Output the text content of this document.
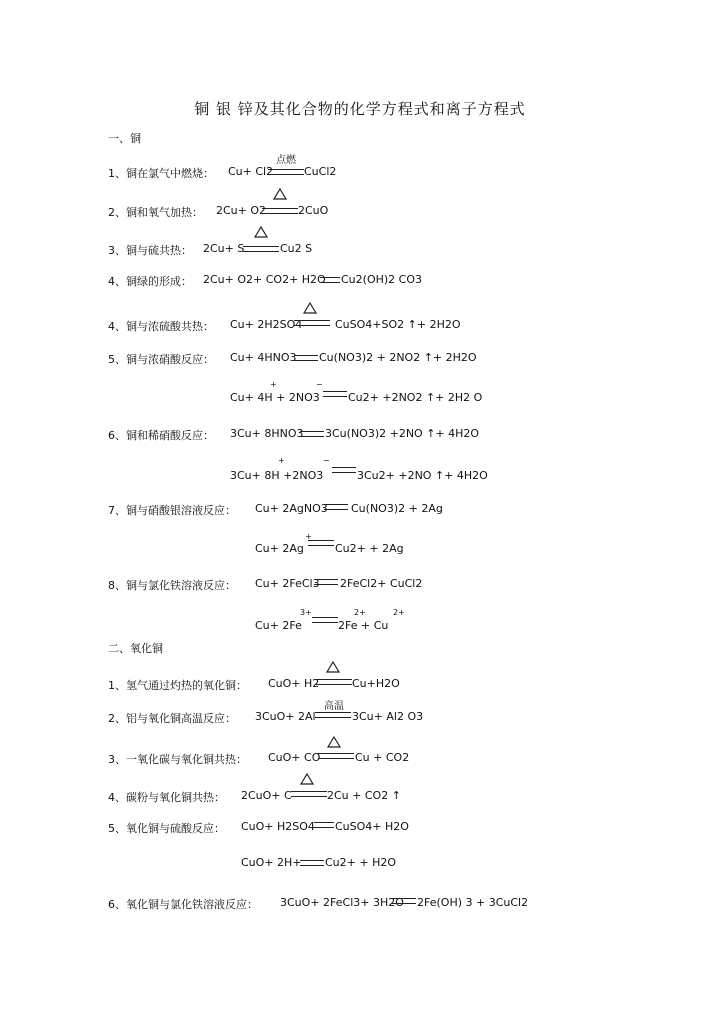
铜 银 锌及其化合物的化学方程式和离子方程式
一、铜
1、铜在氯气中燃烧： Cu+ Cl2
点燃
CuCl2
2、铜和氧气加热： 2Cu+ O2	2CuO
3、铜与硫共热： 2Cu+ S	Cu2 S
4、铜绿的形成： 2Cu+ O2+ CO2+ H2O Cu2(OH)2 CO3
4、铜与浓硫酸共热： Cu+ 2H2SO4	CuSO4+SO2 ↑+ 2H2O
5、铜与浓硝酸反应： Cu+ 4HNO3 Cu(NO3)2 + 2NO2 ↑+ 2H2O
+	−
Cu+ 4H + 2NO3	Cu2+ +2NO2 ↑+ 2H2 O
6、铜和稀硝酸反应： 3Cu+ 8HNO3 3Cu(NO3)2 +2NO ↑+ 4H2O
+	−
3Cu+ 8H +2NO3	3Cu2+ +2NO ↑+ 4H2O
7、铜与硝酸银溶液反应： Cu+ 2AgNO3 Cu(NO3)2 + 2Ag
+
Cu+ 2Ag	Cu2+ + 2Ag
8、铜与氯化铁溶液反应： Cu+ 2FeCl3 2FeCl2+ CuCl2
3+	2+	2+
Cu+ 2Fe	2Fe + Cu
二、氧化铜
1、氢气通过灼热的氧化铜： CuO+ H2	Cu+H2O
2、铝与氧化铜高温反应： 3CuO+ 2Al
高温
3Cu+ Al2 O3
3、一氧化碳与氧化铜共热： CuO+ CO	Cu + CO2
4、碳粉与氧化铜共热： 2CuO+ C	2Cu + CO2 ↑
5、氧化铜与硫酸反应： CuO+ H2SO4 CuSO4+ H2O
CuO+ 2H+ Cu2+ + H2O
6、氧化铜与氯化铁溶液反应： 3CuO+ 2FeCl3+ 3H2O 2Fe(OH) 3 + 3CuCl2
